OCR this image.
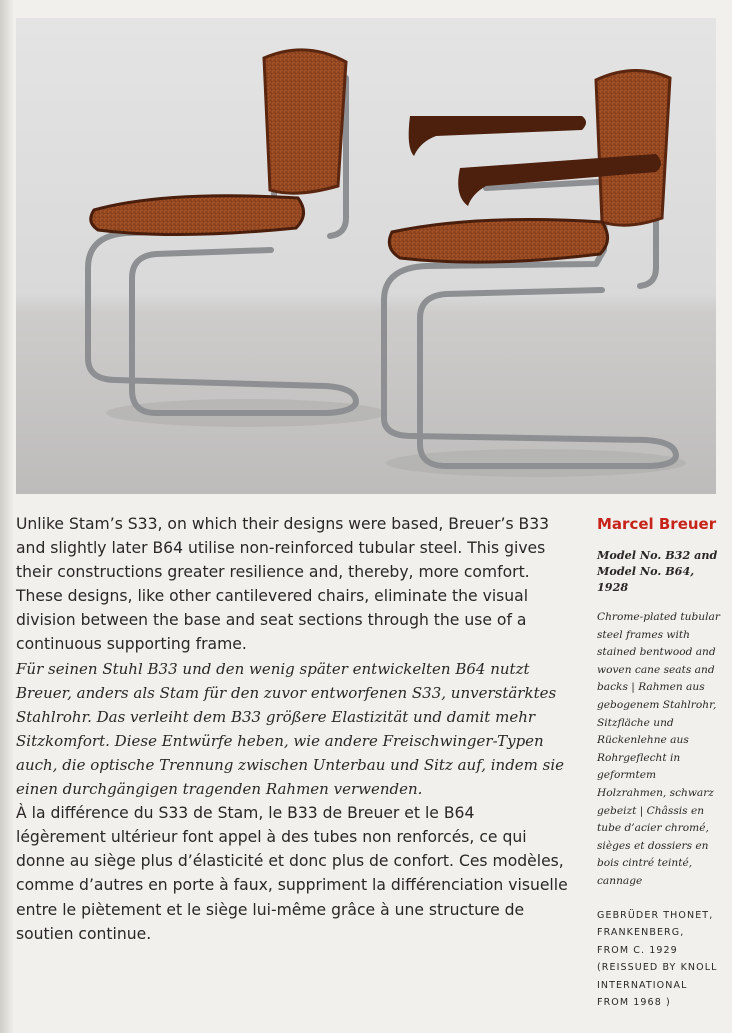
Unlike Stam’s S33, on which their designs were based, Breuer’s B33 and slightly later B64 utilise non-reinforced tubular steel. This gives their constructions greater resilience and, thereby, more comfort. These designs, like other cantilevered chairs, eliminate the visual division between the base and seat sections through the use of a continuous supporting frame.

Für seinen Stuhl B33 und den wenig später entwickelten B64 nutzt Breuer, anders als Stam für den zuvor entworfenen S33, unverstärktes Stahlrohr. Das verleiht dem B33 größere Elastizität und damit mehr Sitzkomfort. Diese Entwürfe heben, wie andere Freischwinger-Typen auch, die optische Trennung zwischen Unterbau und Sitz auf, indem sie einen durchgängigen tragenden Rahmen verwenden.

À la différence du S33 de Stam, le B33 de Breuer et le B64 légèrement ultérieur font appel à des tubes non renforcés, ce qui donne au siège plus d’élasticité et donc plus de confort. Ces modèles, comme d’autres en porte à faux, suppriment la différenciation visuelle entre le piètement et le siège lui-même grâce à une structure de soutien continue.

Marcel Breuer

Model No. B32 and
Model No. B64, 1928

Chrome-plated tubular steel frames with stained bentwood and woven cane seats and backs | Rahmen aus gebogenem Stahlrohr, Sitzfläche und Rückenlehne aus Rohrgeflecht in geformtem Holzrahmen, schwarz gebeizt | Châssis en tube d’acier chromé, sièges et dossiers en bois cintré teinté, cannage

GEBRÜDER THONET,
FRANKENBERG,
FROM C. 1929
(REISSUED BY KNOLL
INTERNATIONAL
FROM 1968 )
